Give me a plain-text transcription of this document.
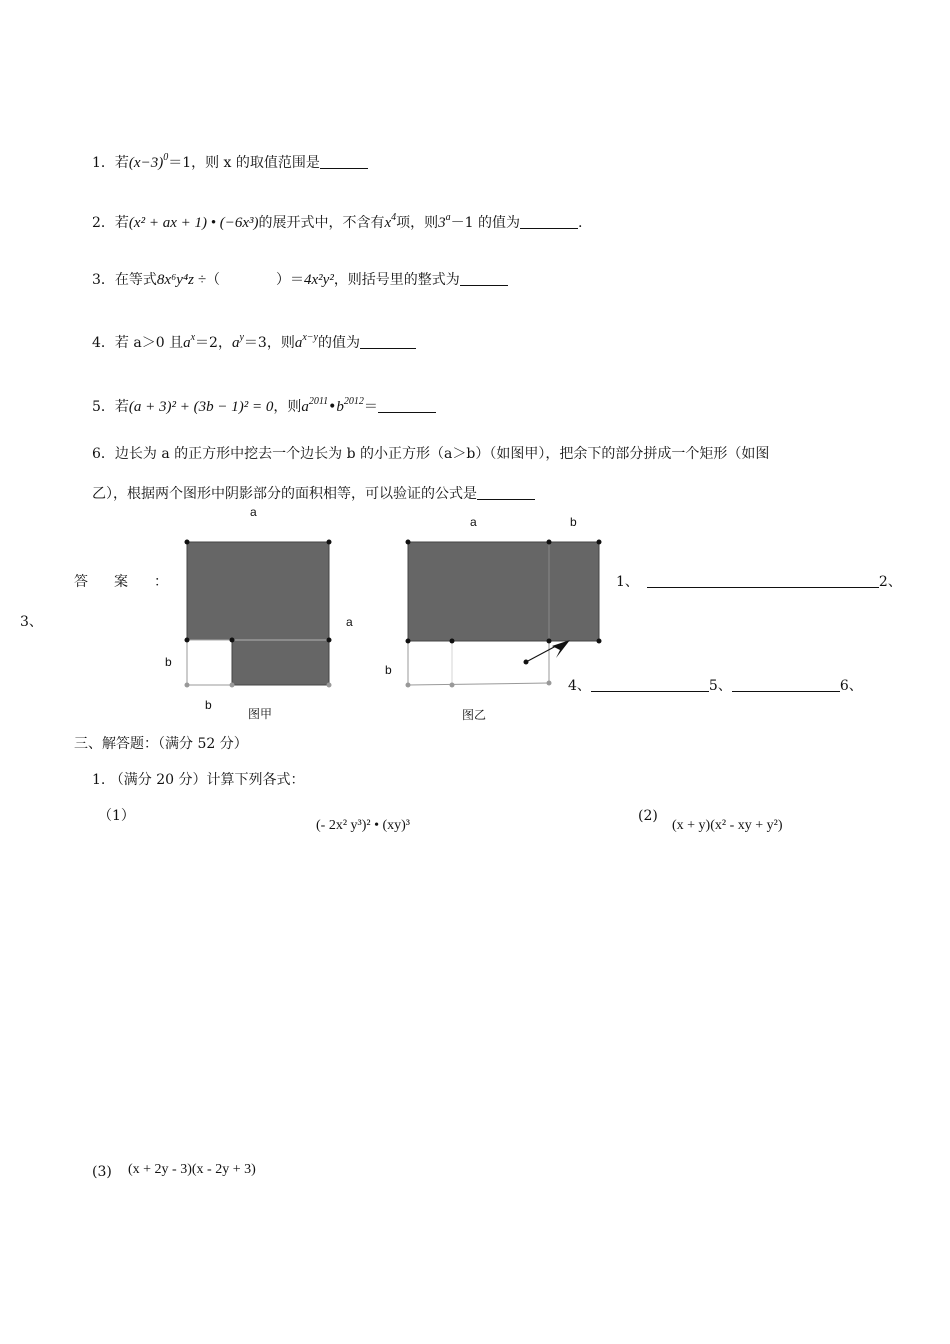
1．若$(x-3)^0=1$，则 x 的取值范围是
2．若(x² + ax + 1) • (−6x³)的展开式中，不含有$x^4$项，则$3^a-1$ 的值为	.
3．在等式8x⁶y⁴z ÷（　　　　）＝4x²y²，则括号里的整式为
4．若 a＞0 且$a^x=2$，$a^y=3$，则$a^{x-y}$的值为
5．若(a + 3)² + (3b − 1)² = 0，则$a^{2011}•b^{2012}=$
6．边长为 a 的正方形中挖去一个边长为 b 的小正方形（a＞b）（如图甲），把余下的部分拼成一个矩形（如图
乙），根据两个图形中阴影部分的面积相等，可以验证的公式是
答　案　：
3、
1、	2、
4、	5、	6、
a
a
b
b
图甲
a	b
b
图乙
三、解答题：（满分 52 分）
1. （满分 20 分）计算下列各式：
（1）
(- 2x² y³)² • (xy)³
(2)
(x + y)(x² - xy + y²)
(3) (x + 2y - 3)(x - 2y + 3)
